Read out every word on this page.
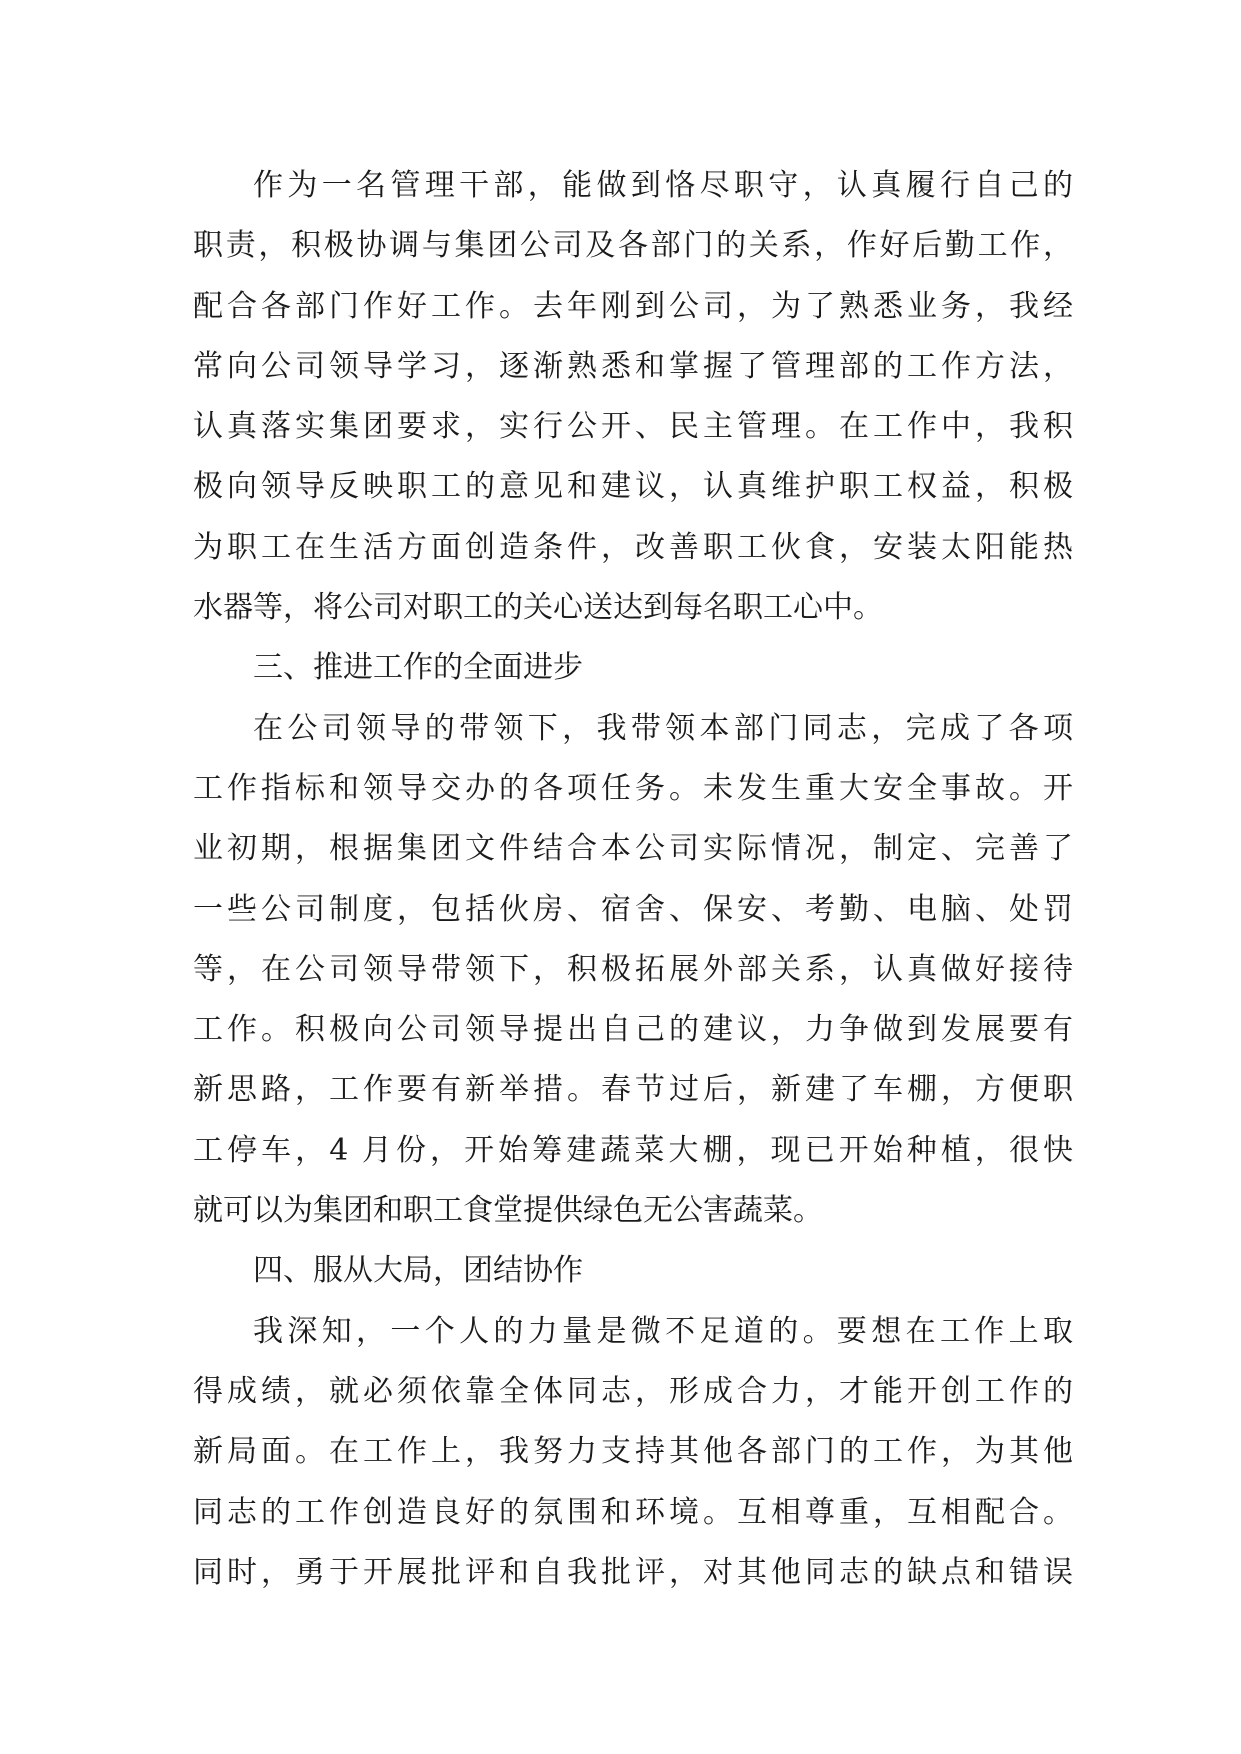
作为一名管理干部，能做到恪尽职守，认真履行自己的
职责，积极协调与集团公司及各部门的关系，作好后勤工作，
配合各部门作好工作。去年刚到公司，为了熟悉业务，我经
常向公司领导学习，逐渐熟悉和掌握了管理部的工作方法，
认真落实集团要求，实行公开、民主管理。在工作中，我积
极向领导反映职工的意见和建议，认真维护职工权益，积极
为职工在生活方面创造条件，改善职工伙食，安装太阳能热
水器等，将公司对职工的关心送达到每名职工心中。
三、推进工作的全面进步
在公司领导的带领下，我带领本部门同志，完成了各项
工作指标和领导交办的各项任务。未发生重大安全事故。开
业初期，根据集团文件结合本公司实际情况，制定、完善了
一些公司制度，包括伙房、宿舍、保安、考勤、电脑、处罚
等，在公司领导带领下，积极拓展外部关系，认真做好接待
工作。积极向公司领导提出自己的建议，力争做到发展要有
新思路，工作要有新举措。春节过后，新建了车棚，方便职
工停车，4 月份，开始筹建蔬菜大棚，现已开始种植，很快
就可以为集团和职工食堂提供绿色无公害蔬菜。
四、服从大局，团结协作
我深知，一个人的力量是微不足道的。要想在工作上取
得成绩，就必须依靠全体同志，形成合力，才能开创工作的
新局面。在工作上，我努力支持其他各部门的工作，为其他
同志的工作创造良好的氛围和环境。互相尊重，互相配合。
同时，勇于开展批评和自我批评，对其他同志的缺点和错误
